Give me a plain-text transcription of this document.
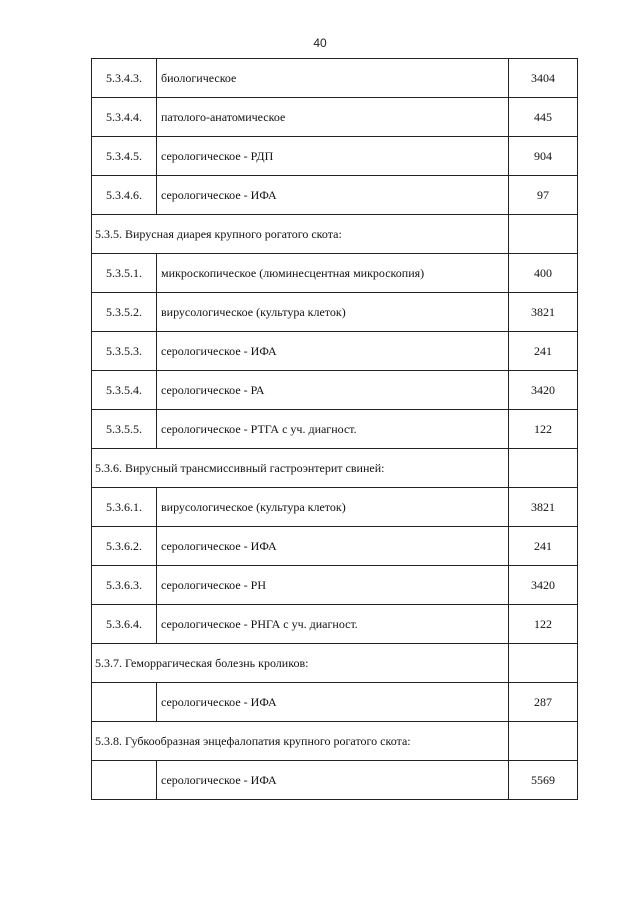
40
5.3.4.3.	биологическое	3404
5.3.4.4.	патолого-анатомическое	445
5.3.4.5.	серологическое - РДП	904
5.3.4.6.	серологическое - ИФА	97
5.3.5. Вирусная диарея крупного рогатого скота:		
5.3.5.1.	микроскопическое (люминесцентная микроскопия)	400
5.3.5.2.	вирусологическое (культура клеток)	3821
5.3.5.3.	серологическое - ИФА	241
5.3.5.4.	серологическое - РА	3420
5.3.5.5.	серологическое - РТГА с уч. диагност.	122
5.3.6. Вирусный трансмиссивный гастроэнтерит свиней:		
5.3.6.1.	вирусологическое (культура клеток)	3821
5.3.6.2.	серологическое - ИФА	241
5.3.6.3.	серологическое - РН	3420
5.3.6.4.	серологическое - РНГА с уч. диагност.	122
5.3.7. Геморрагическая болезнь кроликов:		
	серологическое - ИФА	287
5.3.8. Губкообразная энцефалопатия крупного рогатого скота:		
	серологическое - ИФА	5569
